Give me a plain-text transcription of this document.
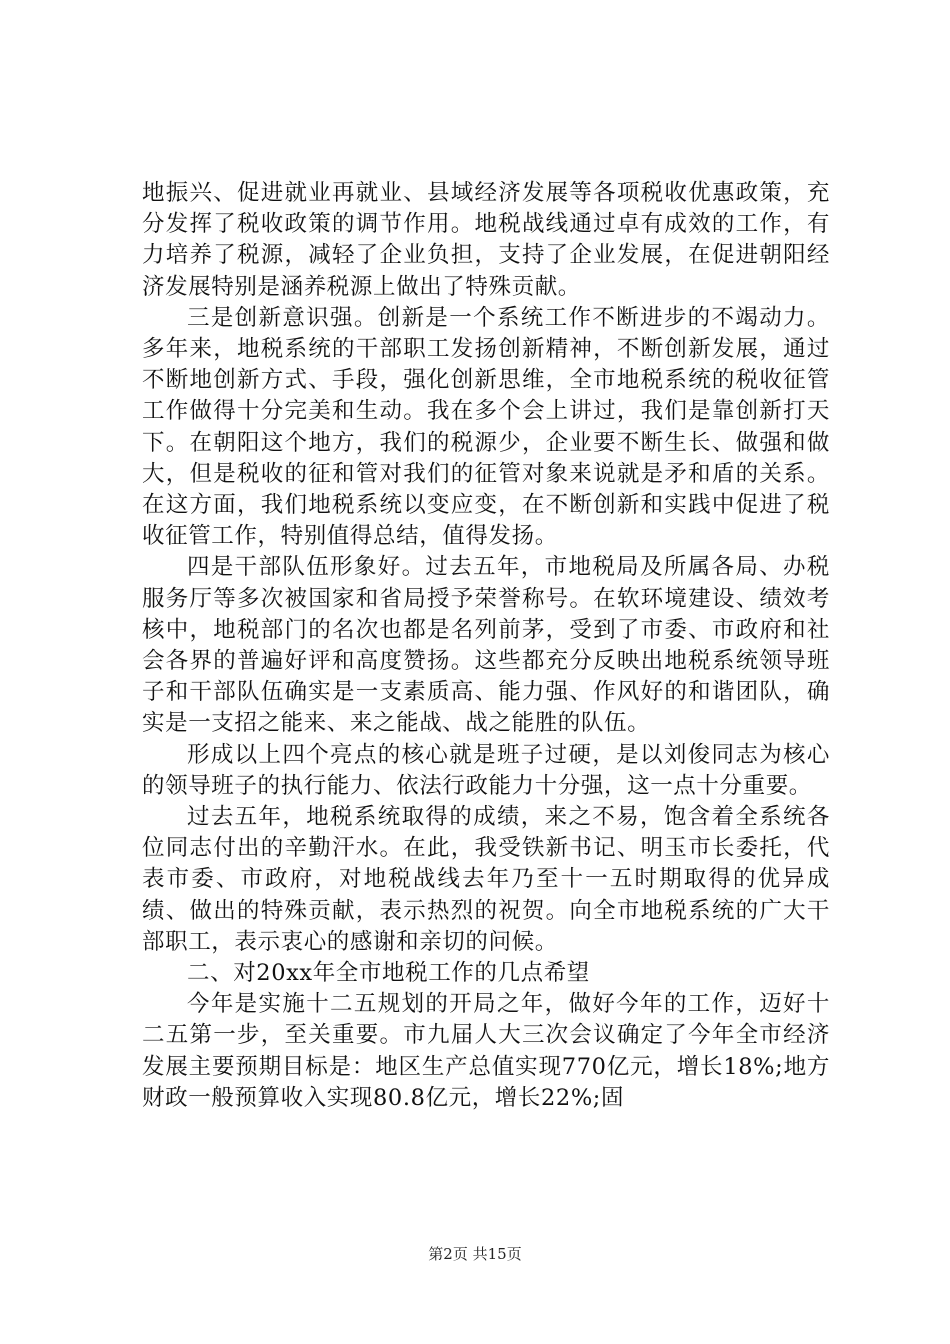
地振兴、促进就业再就业、县域经济发展等各项税收优惠政策，充分发挥了税收政策的调节作用。地税战线通过卓有成效的工作，有力培养了税源，减轻了企业负担，支持了企业发展，在促进朝阳经济发展特别是涵养税源上做出了特殊贡献。

三是创新意识强。创新是一个系统工作不断进步的不竭动力。多年来，地税系统的干部职工发扬创新精神，不断创新发展，通过不断地创新方式、手段，强化创新思维，全市地税系统的税收征管工作做得十分完美和生动。我在多个会上讲过，我们是靠创新打天下。在朝阳这个地方，我们的税源少，企业要不断生长、做强和做大，但是税收的征和管对我们的征管对象来说就是矛和盾的关系。在这方面，我们地税系统以变应变，在不断创新和实践中促进了税收征管工作，特别值得总结，值得发扬。

四是干部队伍形象好。过去五年，市地税局及所属各局、办税服务厅等多次被国家和省局授予荣誉称号。在软环境建设、绩效考核中，地税部门的名次也都是名列前茅，受到了市委、市政府和社会各界的普遍好评和高度赞扬。这些都充分反映出地税系统领导班子和干部队伍确实是一支素质高、能力强、作风好的和谐团队，确实是一支招之能来、来之能战、战之能胜的队伍。

形成以上四个亮点的核心就是班子过硬，是以刘俊同志为核心的领导班子的执行能力、依法行政能力十分强，这一点十分重要。

过去五年，地税系统取得的成绩，来之不易，饱含着全系统各位同志付出的辛勤汗水。在此，我受铁新书记、明玉市长委托，代表市委、市政府，对地税战线去年乃至十一五时期取得的优异成绩、做出的特殊贡献，表示热烈的祝贺。向全市地税系统的广大干部职工，表示衷心的感谢和亲切的问候。

二、对20xx年全市地税工作的几点希望

今年是实施十二五规划的开局之年，做好今年的工作，迈好十二五第一步，至关重要。市九届人大三次会议确定了今年全市经济发展主要预期目标是：地区生产总值实现770亿元，增长18%;地方财政一般预算收入实现80.8亿元，增长22%;固

第2页 共15页
